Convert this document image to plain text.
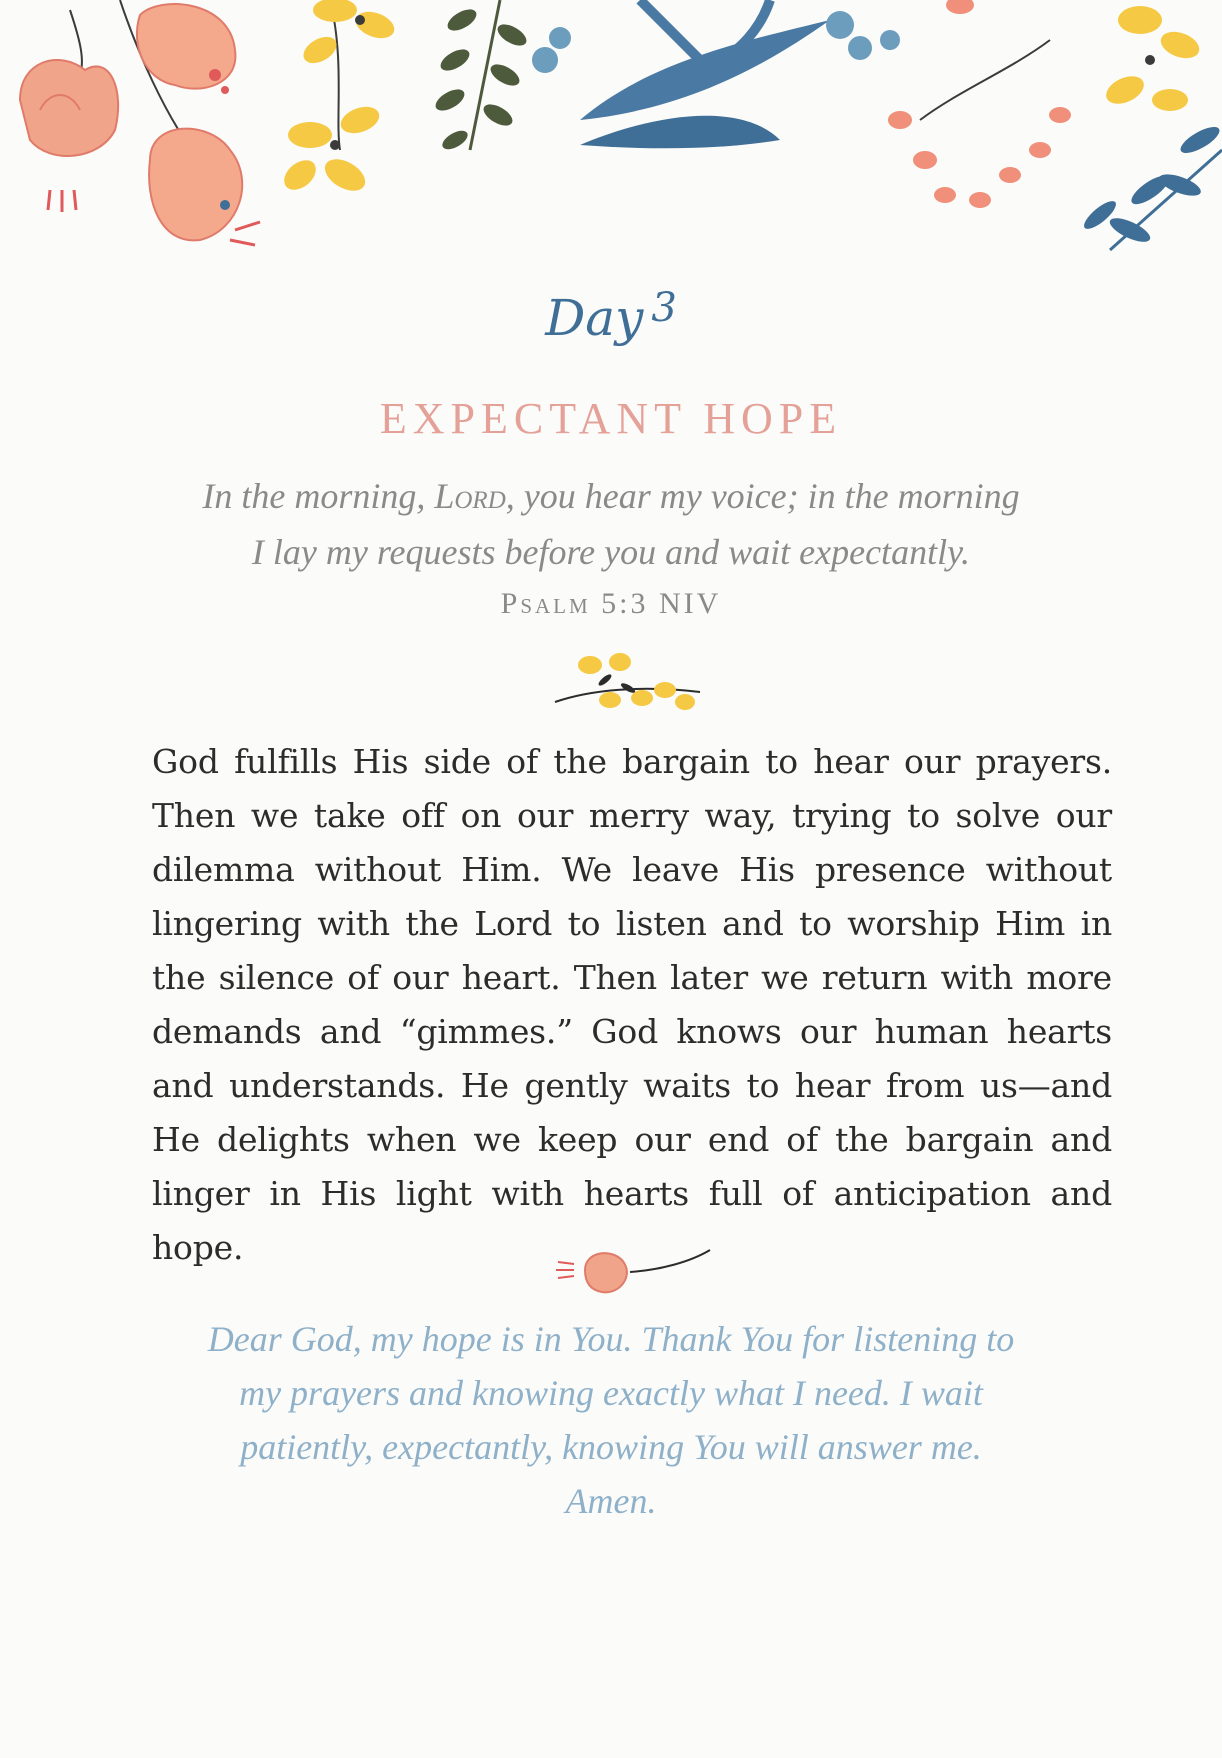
Day $^3$
EXPECTANT HOPE
In the morning, Lord, you hear my voice; in the morning
I lay my requests before you and wait expectantly.
Psalm 5:3 NIV
God fulfills His side of the bargain to hear our prayers. Then we take off on our merry way, trying to solve our dilemma without Him. We leave His presence without lingering with the Lord to listen and to worship Him in the silence of our heart. Then later we return with more demands and “gimmes.” God knows our human hearts and understands. He gently waits to hear from us—and He delights when we keep our end of the bargain and linger in His light with hearts full of anticipation and hope.
Dear God, my hope is in You. Thank You for listening to my prayers and knowing exactly what I need. I wait patiently, expectantly, knowing You will answer me. Amen.
